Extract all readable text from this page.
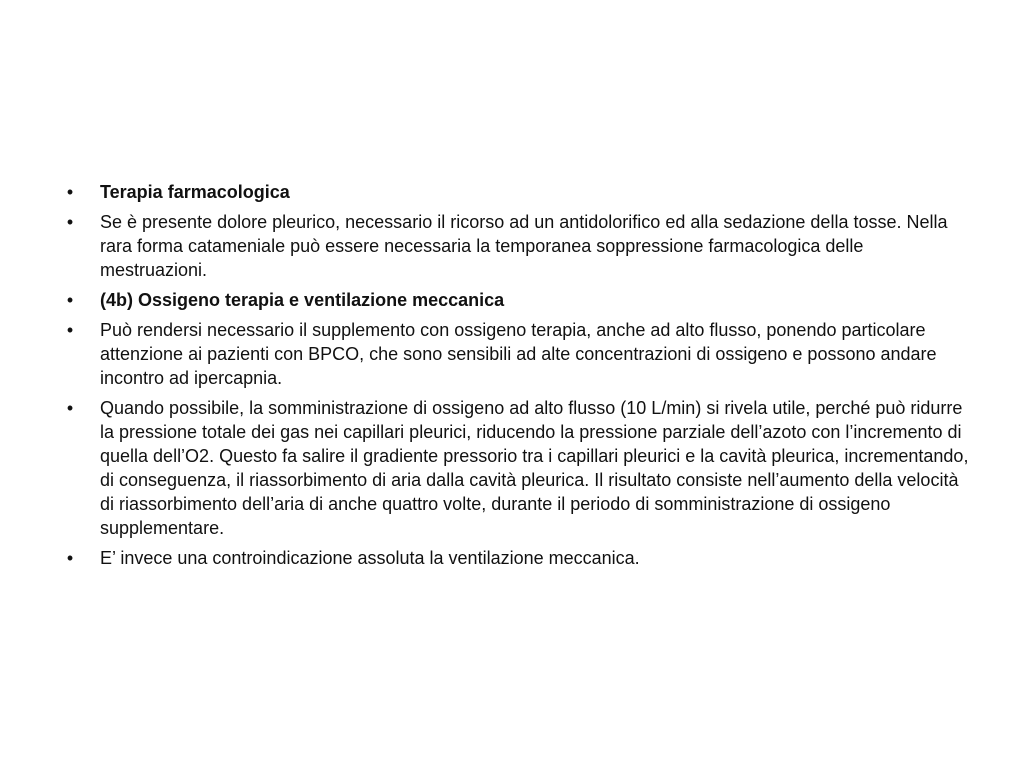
•	Terapia farmacologica
•	Se è presente dolore pleurico, necessario il ricorso ad un antidolorifico ed alla sedazione della tosse. Nella rara forma catameniale può essere necessaria la temporanea soppressione farmacologica delle mestruazioni.
•	(4b) Ossigeno terapia e ventilazione meccanica
•	Può rendersi necessario il supplemento con ossigeno terapia, anche ad alto flusso, ponendo particolare attenzione ai pazienti con BPCO, che sono sensibili ad alte concentrazioni di ossigeno e possono andare incontro ad ipercapnia.
•	Quando possibile, la somministrazione di ossigeno ad alto flusso (10 L/min) si rivela utile, perché può ridurre la pressione totale dei gas nei capillari pleurici, riducendo la pressione parziale dell’azoto con l’incremento di quella dell’O2. Questo fa salire il gradiente pressorio tra i capillari pleurici e la cavità pleurica, incrementando, di conseguenza, il riassorbimento di aria dalla cavità pleurica. Il risultato consiste nell’aumento della velocità di riassorbimento dell’aria di anche quattro volte, durante il periodo di somministrazione di ossigeno supplementare.
•	E’ invece una controindicazione assoluta la ventilazione meccanica.
